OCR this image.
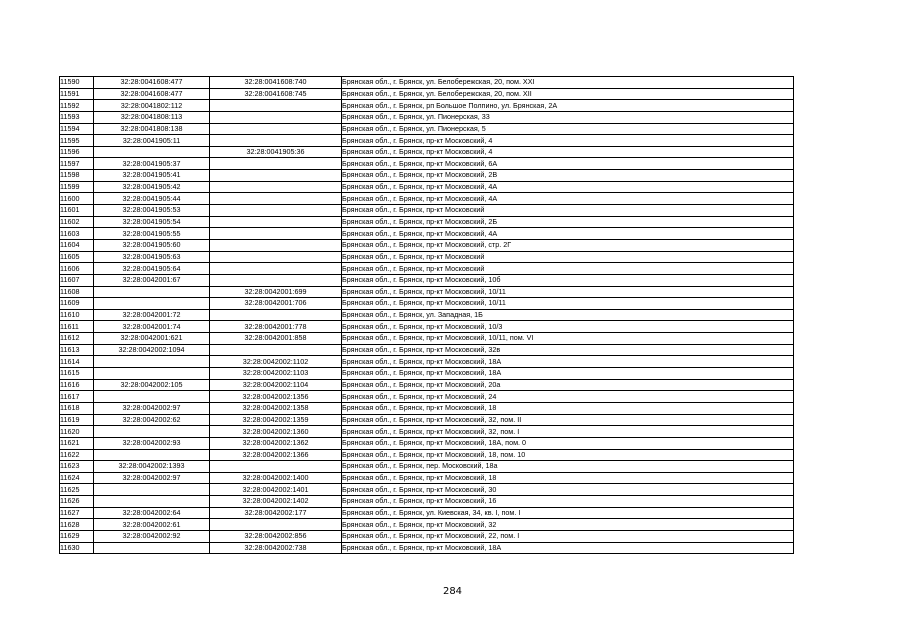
11590	32:28:0041608:477	32:28:0041608:740	Брянская обл., г. Брянск, ул. Белобережская, 20, пом. XXI
11591	32:28:0041608:477	32:28:0041608:745	Брянская обл., г. Брянск, ул. Белобережская, 20, пом. XII
11592	32:28:0041802:112		Брянская обл., г. Брянск, рп Большое Полпино, ул. Брянская, 2А
11593	32:28:0041808:113		Брянская обл., г. Брянск, ул. Пионерская, 33
11594	32:28:0041808:138		Брянская обл., г. Брянск, ул. Пионерская, 5
11595	32:28:0041905:11		Брянская обл., г. Брянск, пр-кт Московский, 4
11596		32:28:0041905:36	Брянская обл., г. Брянск, пр-кт Московский, 4
11597	32:28:0041905:37		Брянская обл., г. Брянск, пр-кт Московский, 6А
11598	32:28:0041905:41		Брянская обл., г. Брянск, пр-кт Московский, 2В
11599	32:28:0041905:42		Брянская обл., г. Брянск, пр-кт Московский, 4А
11600	32:28:0041905:44		Брянская обл., г. Брянск, пр-кт Московский, 4А
11601	32:28:0041905:53		Брянская обл., г. Брянск, пр-кт Московский
11602	32:28:0041905:54		Брянская обл., г. Брянск, пр-кт Московский, 2Б
11603	32:28:0041905:55		Брянская обл., г. Брянск, пр-кт Московский, 4А
11604	32:28:0041905:60		Брянская обл., г. Брянск, пр-кт Московский, стр. 2Г
11605	32:28:0041905:63		Брянская обл., г. Брянск, пр-кт Московский
11606	32:28:0041905:64		Брянская обл., г. Брянск, пр-кт Московский
11607	32:28:0042001:67		Брянская обл., г. Брянск, пр-кт Московский, 10б
11608		32:28:0042001:699	Брянская обл., г. Брянск, пр-кт Московский, 10/11
11609		32:28:0042001:706	Брянская обл., г. Брянск, пр-кт Московский, 10/11
11610	32:28:0042001:72		Брянская обл., г. Брянск, ул. Западная, 1Б
11611	32:28:0042001:74	32:28:0042001:778	Брянская обл., г. Брянск, пр-кт Московский, 10/3
11612	32:28:0042001:621	32:28:0042001:858	Брянская обл., г. Брянск, пр-кт Московский, 10/11, пом. VI
11613	32:28:0042002:1094		Брянская обл., г. Брянск, пр-кт Московский, 32в
11614		32:28:0042002:1102	Брянская обл., г. Брянск, пр-кт Московский, 18А
11615		32:28:0042002:1103	Брянская обл., г. Брянск, пр-кт Московский, 18А
11616	32:28:0042002:105	32:28:0042002:1104	Брянская обл., г. Брянск, пр-кт Московский, 20а
11617		32:28:0042002:1356	Брянская обл., г. Брянск, пр-кт Московский, 24
11618	32:28:0042002:97	32:28:0042002:1358	Брянская обл., г. Брянск, пр-кт Московский, 18
11619	32:28:0042002:62	32:28:0042002:1359	Брянская обл., г. Брянск, пр-кт Московский, 32, пом. II
11620		32:28:0042002:1360	Брянская обл., г. Брянск, пр-кт Московский, 32, пом. I
11621	32:28:0042002:93	32:28:0042002:1362	Брянская обл., г. Брянск, пр-кт Московский, 18А, пом. 0
11622		32:28:0042002:1366	Брянская обл., г. Брянск, пр-кт Московский, 18, пом. 10
11623	32:28:0042002:1393		Брянская обл., г. Брянск, пер. Московский, 18а
11624	32:28:0042002:97	32:28:0042002:1400	Брянская обл., г. Брянск, пр-кт Московский, 18
11625		32:28:0042002:1401	Брянская обл., г. Брянск, пр-кт Московский, 30
11626		32:28:0042002:1402	Брянская обл., г. Брянск, пр-кт Московский, 16
11627	32:28:0042002:64	32:28:0042002:177	Брянская обл., г. Брянск, ул. Киевская, 34, кв. I, пом. I
11628	32:28:0042002:61		Брянская обл., г. Брянск, пр-кт Московский, 32
11629	32:28:0042002:92	32:28:0042002:856	Брянская обл., г. Брянск, пр-кт Московский, 22, пом. I
11630		32:28:0042002:738	Брянская обл., г. Брянск, пр-кт Московский, 18А
284
